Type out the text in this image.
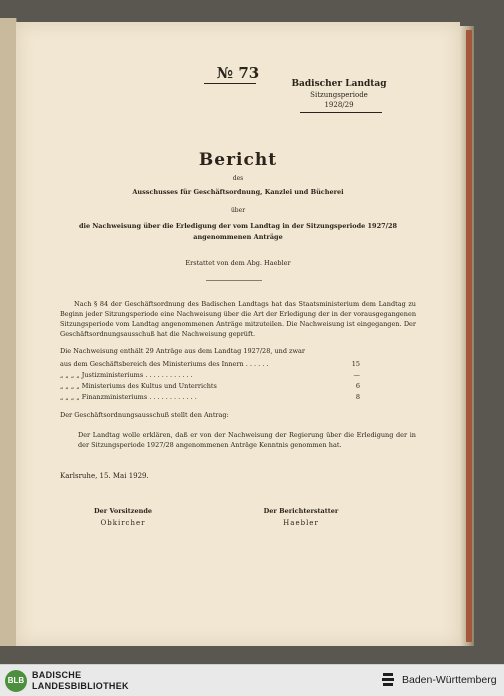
№ 73
Badischer Landtag
Sitzungsperiode
1928/29
Bericht
des
Ausschusses für Geschäftsordnung, Kanzlei und Bücherei
über
die Nachweisung über die Erledigung der vom Landtag in der Sitzungsperiode 1927/28
angenommenen Anträge
Erstattet von dem Abg. Haebler
Nach § 84 der Geschäftsordnung des Badischen Landtags hat das Staatsministerium dem Landtag zu Beginn jeder Sitzungsperiode eine Nachweisung über die Art der Erledigung der in der vorausgegangenen Sitzungsperiode vom Landtag angenommenen Anträge mitzuteilen. Die Nachweisung ist eingegangen. Der Geschäftsordnungsausschuß hat die Nachweisung geprüft.
Die Nachweisung enthält 29 Anträge aus dem Landtag 1927/28, und zwar
aus dem Geschäftsbereich des Ministeriums des Innern . . . . . .	15
„ „ „ „ Justizministeriums . . . . . . . . . . . .	—
„ „ „ „ Ministeriums des Kultus und Unterrichts	6
„ „ „ „ Finanzministeriums . . . . . . . . . . . .	8
Der Geschäftsordnungsausschuß stellt den Antrag:
Der Landtag wolle erklären, daß er von der Nachweisung der Regierung über die Erledigung der in der Sitzungsperiode 1927/28 angenommenen Anträge Kenntnis genommen hat.
Karlsruhe, 15. Mai 1929.
Der Vorsitzende
Obkircher
Der Berichterstatter
Haebler
BLB
BADISCHE
LANDESBIBLIOTHEK	Baden-Württemberg
